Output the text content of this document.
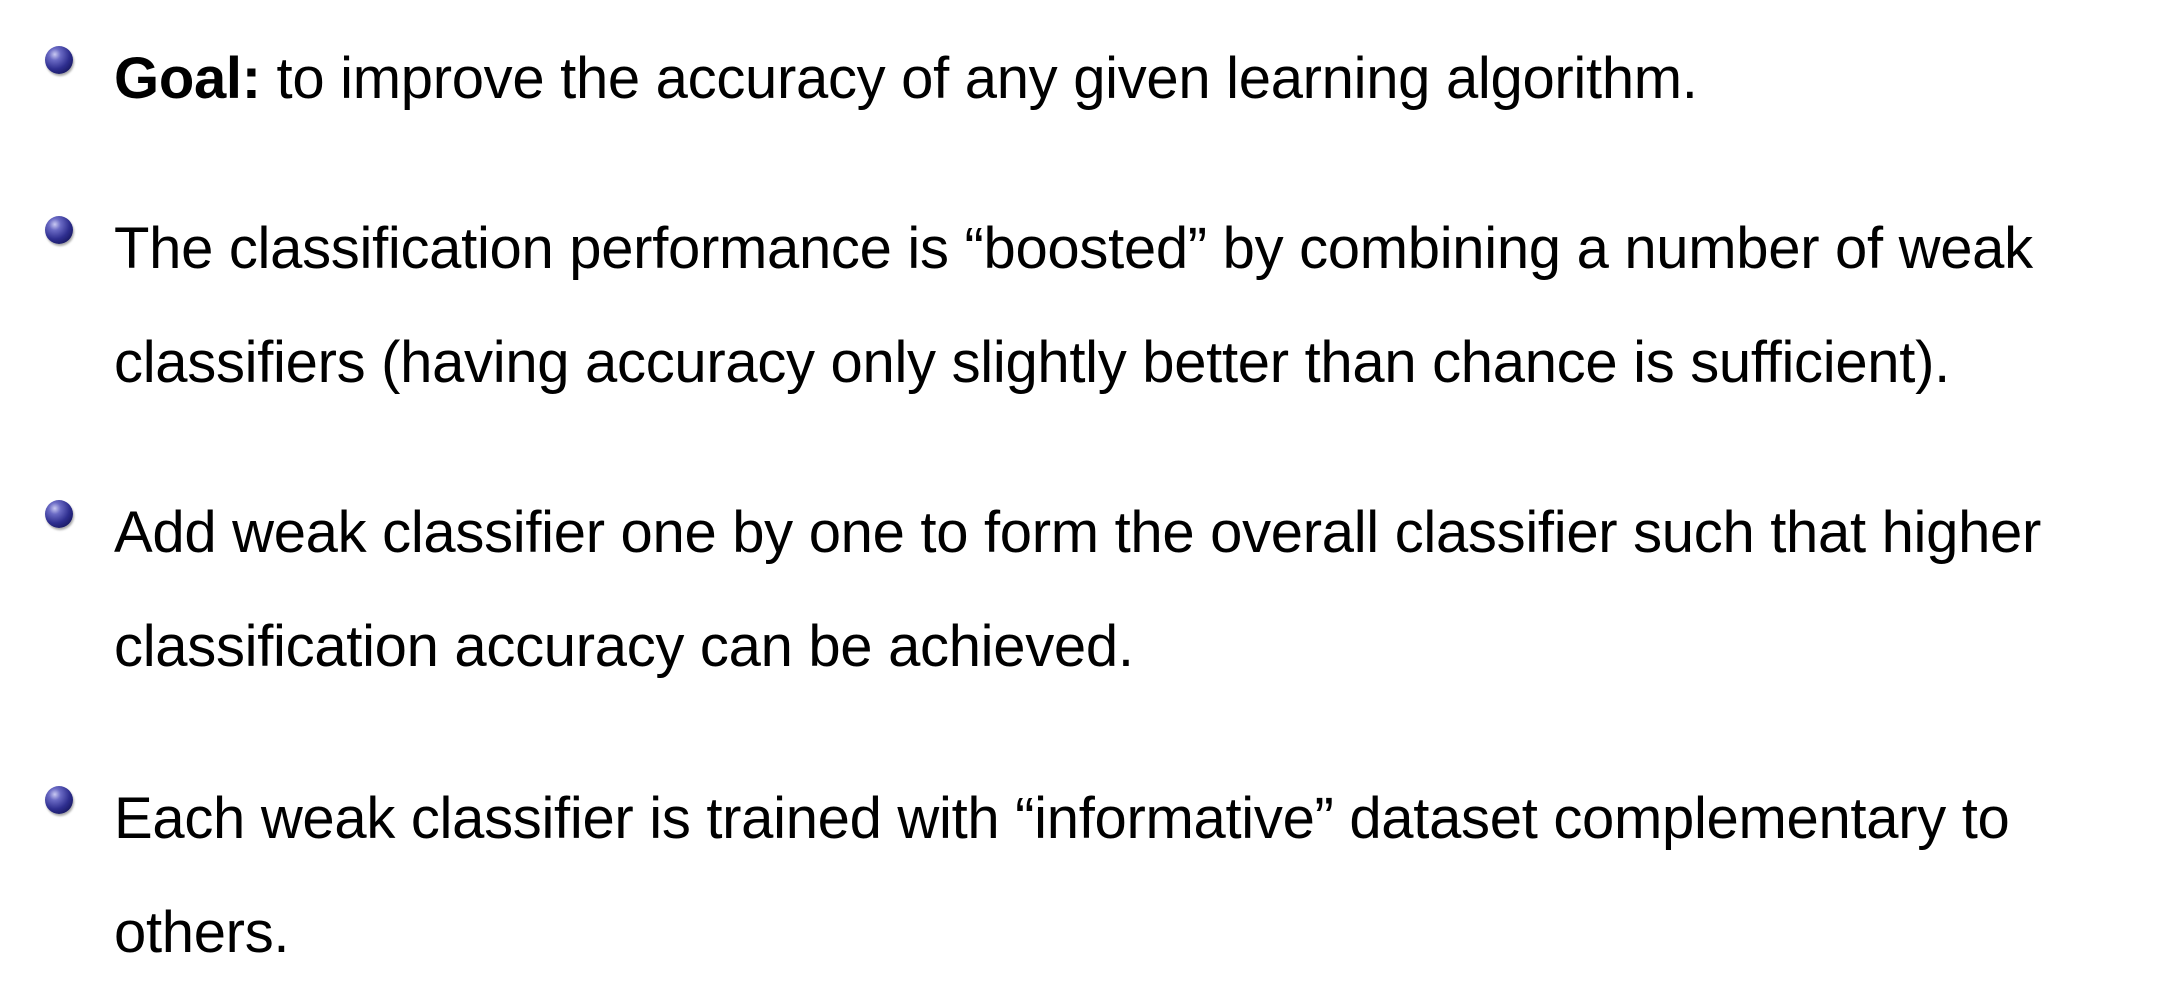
Goal: to improve the accuracy of any given learning algorithm.

The classification performance is “boosted” by combining a number of weak
classifiers (having accuracy only slightly better than chance is sufficient).

Add weak classifier one by one to form the overall classifier such that higher
classification accuracy can be achieved.

Each weak classifier is trained with “informative” dataset complementary to
others.
